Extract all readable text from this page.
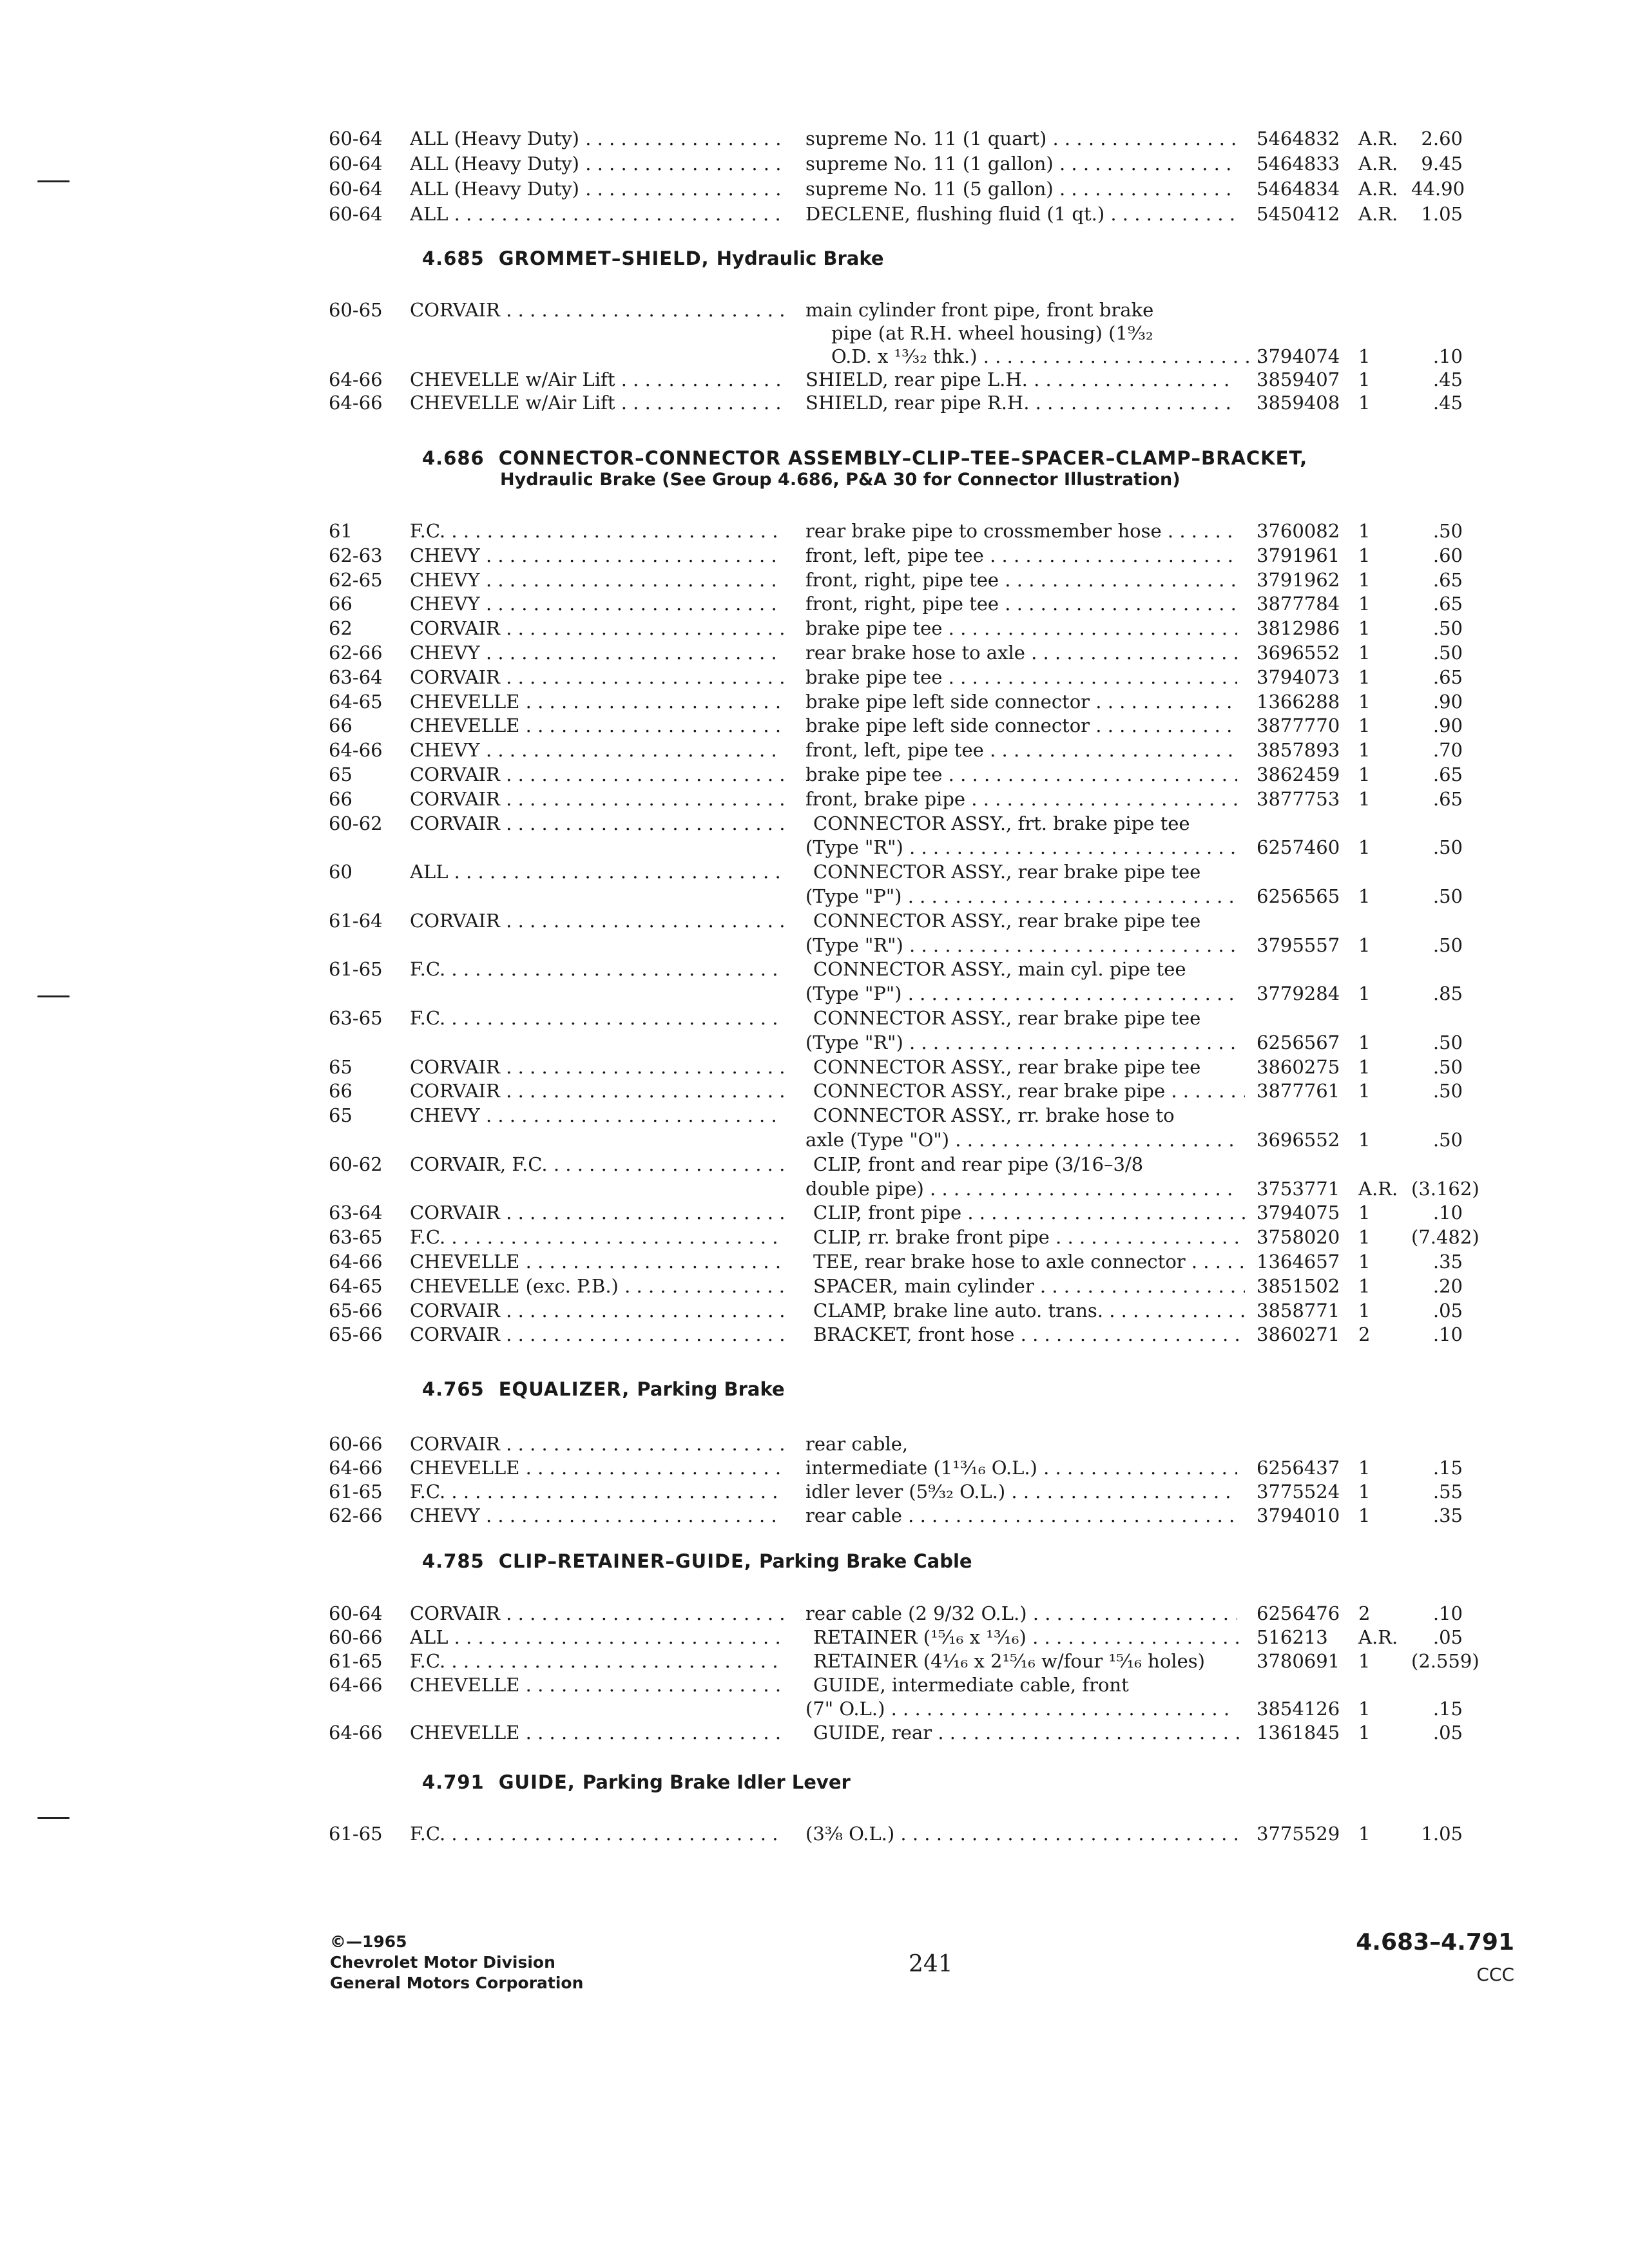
60-64	ALL (Heavy Duty) . . .	supreme No. 11 (1 quart) . . .	5464832 A.R.	2.60
60-64	ALL (Heavy Duty) . . .	supreme No. 11 (1 gallon) . . .	5464833 A.R.	9.45
60-64	ALL (Heavy Duty) . . .	supreme No. 11 (5 gallon) . . .	5464834 A.R. 44.90
60-64	ALL . . .	DECLENE, flushing fluid (1 qt.) . . .	5450412 A.R.	1.05
4.685 GROMMET–SHIELD, Hydraulic Brake
60-65	CORVAIR . . .	main cylinder front pipe, front brake
pipe (at R.H. wheel housing) (1⁹⁄₃₂
O.D. x ¹³⁄₃₂ thk.) . . .	3794074 1	.10
64-66	CHEVELLE w/Air Lift . . .	SHIELD, rear pipe L.H. . . .	3859407 1	.45
64-66	CHEVELLE w/Air Lift . . .	SHIELD, rear pipe R.H. . . .	3859408 1	.45
4.686 CONNECTOR–CONNECTOR ASSEMBLY–CLIP–TEE–SPACER–CLAMP–BRACKET,
Hydraulic Brake (See Group 4.686, P&A 30 for Connector Illustration)
61	F.C. . . .	rear brake pipe to crossmember hose . . .	3760082 1	.50
62-63	CHEVY . . .	front, left, pipe tee . . .	3791961 1	.60
62-65	CHEVY . . .	front, right, pipe tee . . .	3791962 1	.65
66	CHEVY . . .	front, right, pipe tee . . .	3877784 1	.65
62	CORVAIR . . .	brake pipe tee . . .	3812986 1	.50
62-66	CHEVY . . .	rear brake hose to axle . . .	3696552 1	.50
63-64	CORVAIR . . .	brake pipe tee . . .	3794073 1	.65
64-65	CHEVELLE . . .	brake pipe left side connector . . .	1366288 1	.90
66	CHEVELLE . . .	brake pipe left side connector . . .	3877770 1	.90
64-66	CHEVY . . .	front, left, pipe tee . . .	3857893 1	.70
65	CORVAIR . . .	brake pipe tee . . .	3862459 1	.65
66	CORVAIR . . .	front, brake pipe . . .	3877753 1	.65
60-62	CORVAIR . . .	CONNECTOR ASSY., frt. brake pipe tee
(Type "R") . . .	6257460 1	.50
60	ALL . . .	CONNECTOR ASSY., rear brake pipe tee
(Type "P") . . .	6256565 1	.50
61-64	CORVAIR . . .	CONNECTOR ASSY., rear brake pipe tee
(Type "R") . . .	3795557 1	.50
61-65	F.C. . . .	CONNECTOR ASSY., main cyl. pipe tee
(Type "P") . . .	3779284 1	.85
63-65	F.C. . . .	CONNECTOR ASSY., rear brake pipe tee
(Type "R") . . .	6256567 1	.50
65	CORVAIR . . .	CONNECTOR ASSY., rear brake pipe tee	3860275 1	.50
66	CORVAIR . . .	CONNECTOR ASSY., rear brake pipe . . .	3877761 1	.50
65	CHEVY . . .	CONNECTOR ASSY., rr. brake hose to
axle (Type "O") . . .	3696552 1	.50
60-62	CORVAIR, F.C. . . .	CLIP, front and rear pipe (3/16–3/8
double pipe) . . .	3753771 A.R. (3.162)
63-64	CORVAIR . . .	CLIP, front pipe . . .	3794075 1	.10
63-65	F.C. . . .	CLIP, rr. brake front pipe . . .	3758020 1	(7.482)
64-66	CHEVELLE . . .	TEE, rear brake hose to axle connector . . .	1364657 1	.35
64-65	CHEVELLE (exc. P.B.) . . .	SPACER, main cylinder . . .	3851502 1	.20
65-66	CORVAIR . . .	CLAMP, brake line auto. trans. . . .	3858771 1	.05
65-66	CORVAIR . . .	BRACKET, front hose . . .	3860271 2	.10
4.765 EQUALIZER, Parking Brake
60-66	CORVAIR . . .	rear cable,
64-66	CHEVELLE . . .	intermediate (1¹³⁄₁₆ O.L.) . . .	6256437 1	.15
61-65	F.C. . . .	idler lever (5⁹⁄₃₂ O.L.) . . .	3775524 1	.55
62-66	CHEVY . . .	rear cable . . .	3794010 1	.35
4.785 CLIP–RETAINER–GUIDE, Parking Brake Cable
60-64	CORVAIR . . .	rear cable (2 9/32 O.L.) . . .	6256476 2	.10
60-66	ALL . . .	RETAINER (¹⁵⁄₁₆ x ¹³⁄₁₆) . . .	516213	A.R.	.05
61-65	F.C. . . .	RETAINER (4¹⁄₁₆ x 2¹⁵⁄₁₆ w/four ¹⁵⁄₁₆ holes)	3780691 1	(2.559)
64-66	CHEVELLE . . .	GUIDE, intermediate cable, front
(7" O.L.) . . .	3854126 1	.15
64-66	CHEVELLE . . .	GUIDE, rear . . .	1361845 1	.05
4.791 GUIDE, Parking Brake Idler Lever
61-65	F.C. . . .	(3³⁄₈ O.L.) . . .	3775529 1	1.05
©—1965
Chevrolet Motor Division
General Motors Corporation
241
4.683–4.791
CCC
